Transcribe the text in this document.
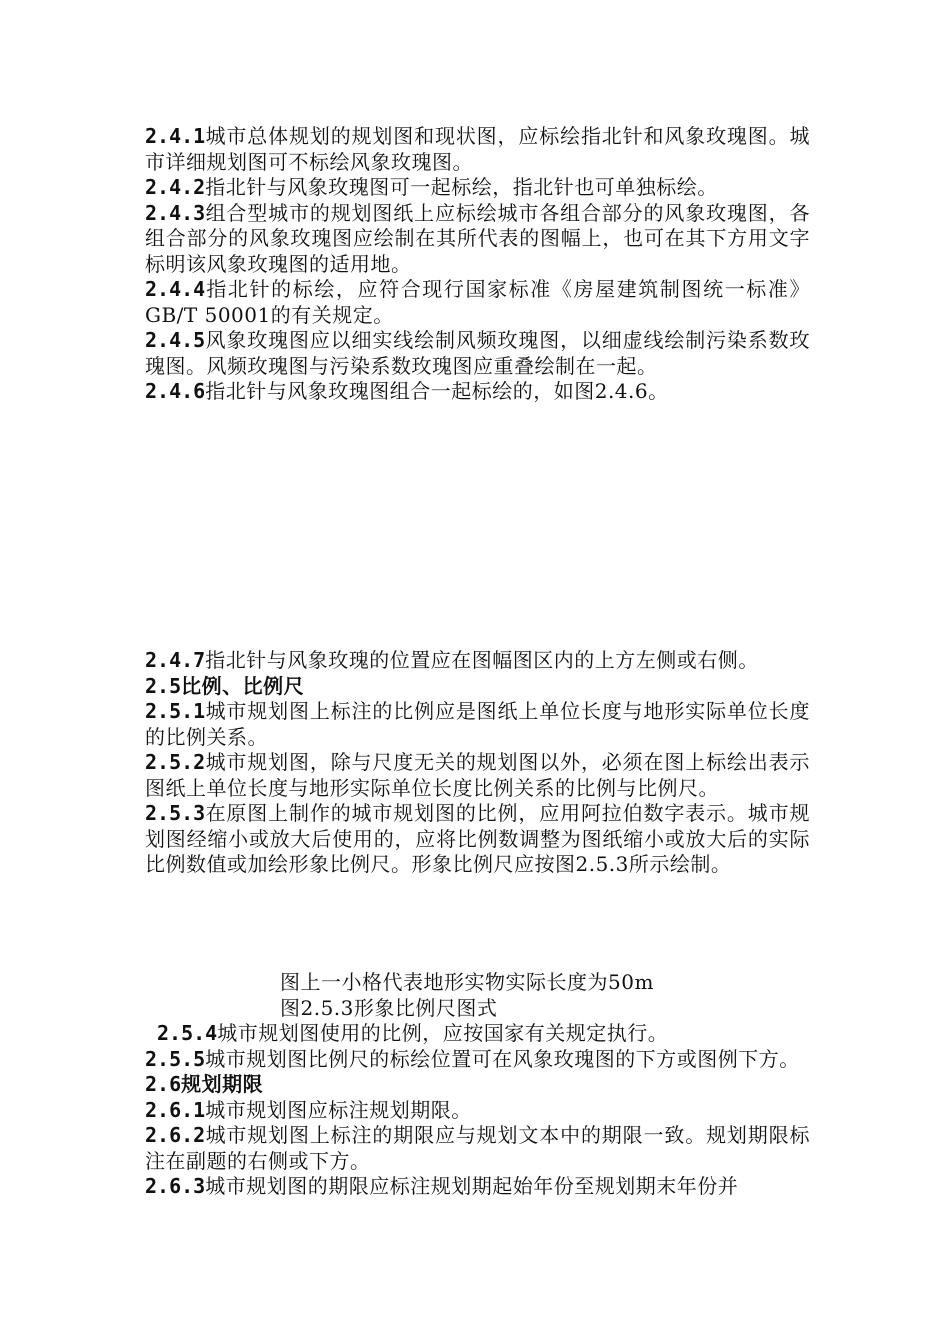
2.4.1城市总体规划的规划图和现状图，应标绘指北针和风象玫瑰图。城市详细规划图可不标绘风象玫瑰图。

2.4.2指北针与风象玫瑰图可一起标绘，指北针也可单独标绘。

2.4.3组合型城市的规划图纸上应标绘城市各组合部分的风象玫瑰图，各组合部分的风象玫瑰图应绘制在其所代表的图幅上，也可在其下方用文字标明该风象玫瑰图的适用地。

2.4.4指北针的标绘，应符合现行国家标准《房屋建筑制图统一标准》GB/T 50001的有关规定。

2.4.5风象玫瑰图应以细实线绘制风频玫瑰图，以细虚线绘制污染系数玫瑰图。风频玫瑰图与污染系数玫瑰图应重叠绘制在一起。

2.4.6指北针与风象玫瑰图组合一起标绘的，如图2.4.6。

2.4.7指北针与风象玫瑰的位置应在图幅图区内的上方左侧或右侧。

2.5比例、比例尺

2.5.1城市规划图上标注的比例应是图纸上单位长度与地形实际单位长度的比例关系。

2.5.2城市规划图，除与尺度无关的规划图以外，必须在图上标绘出表示图纸上单位长度与地形实际单位长度比例关系的比例与比例尺。

2.5.3在原图上制作的城市规划图的比例，应用阿拉伯数字表示。城市规划图经缩小或放大后使用的，应将比例数调整为图纸缩小或放大后的实际比例数值或加绘形象比例尺。形象比例尺应按图2.5.3所示绘制。

图上一小格代表地形实物实际长度为50m

图2.5.3形象比例尺图式

2.5.4城市规划图使用的比例，应按国家有关规定执行。

2.5.5城市规划图比例尺的标绘位置可在风象玫瑰图的下方或图例下方。

2.6规划期限

2.6.1城市规划图应标注规划期限。

2.6.2城市规划图上标注的期限应与规划文本中的期限一致。规划期限标注在副题的右侧或下方。

2.6.3城市规划图的期限应标注规划期起始年份至规划期末年份并
